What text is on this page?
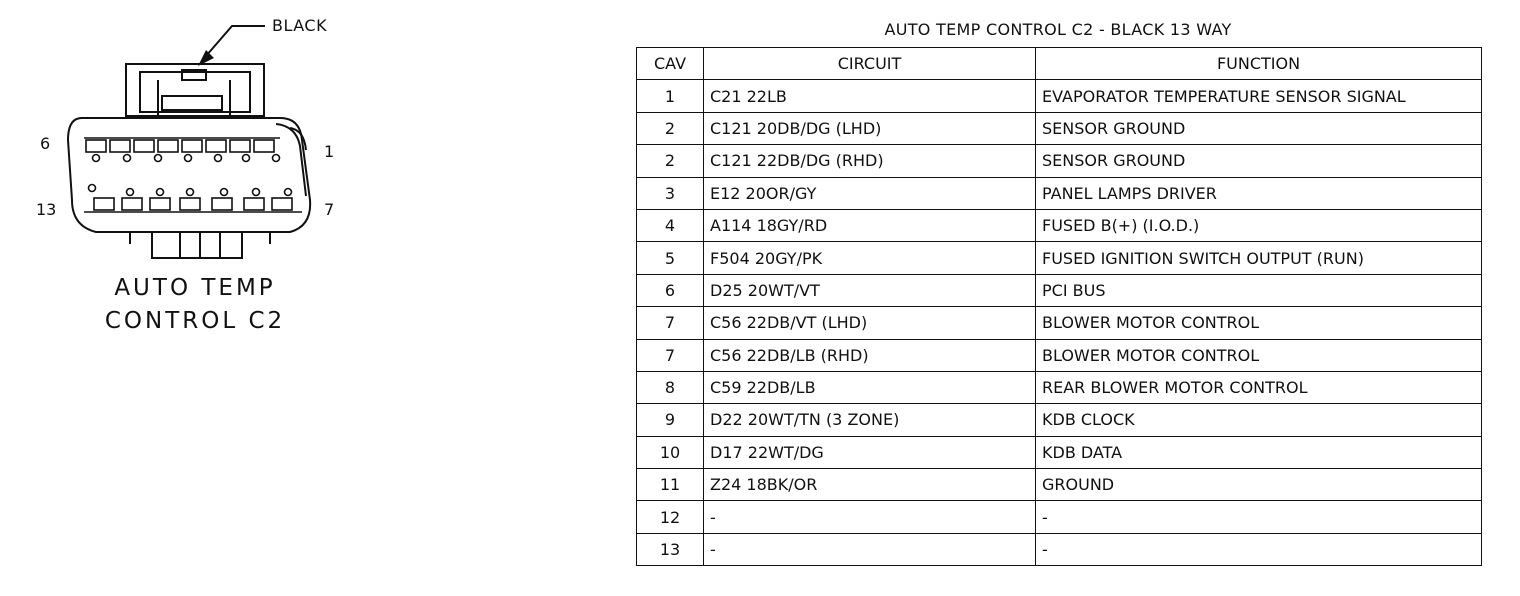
BLACK
6	1
13	7
AUTO TEMP
CONTROL C2
AUTO TEMP CONTROL C2 - BLACK 13 WAY
CAV	CIRCUIT	FUNCTION
1	C21 22LB	EVAPORATOR TEMPERATURE SENSOR SIGNAL
2	C121 20DB/DG (LHD)	SENSOR GROUND
2	C121 22DB/DG (RHD)	SENSOR GROUND
3	E12 20OR/GY	PANEL LAMPS DRIVER
4	A114 18GY/RD	FUSED B(+) (I.O.D.)
5	F504 20GY/PK	FUSED IGNITION SWITCH OUTPUT (RUN)
6	D25 20WT/VT	PCI BUS
7	C56 22DB/VT (LHD)	BLOWER MOTOR CONTROL
7	C56 22DB/LB (RHD)	BLOWER MOTOR CONTROL
8	C59 22DB/LB	REAR BLOWER MOTOR CONTROL
9	D22 20WT/TN (3 ZONE)	KDB CLOCK
10	D17 22WT/DG	KDB DATA
11	Z24 18BK/OR	GROUND
12	-	-
13	-	-
